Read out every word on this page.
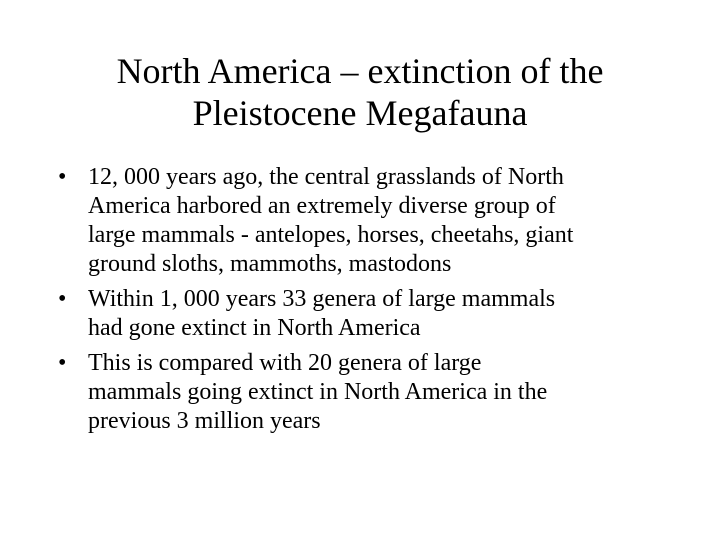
North America – extinction of the
Pleistocene Megafauna
• 12, 000 years ago, the central grasslands of North
America harbored an extremely diverse group of
large mammals - antelopes, horses, cheetahs, giant
ground sloths, mammoths, mastodons
• Within 1, 000 years 33 genera of large mammals
had gone extinct in North America
• This is compared with 20 genera of large
mammals going extinct in North America in the
previous 3 million years
